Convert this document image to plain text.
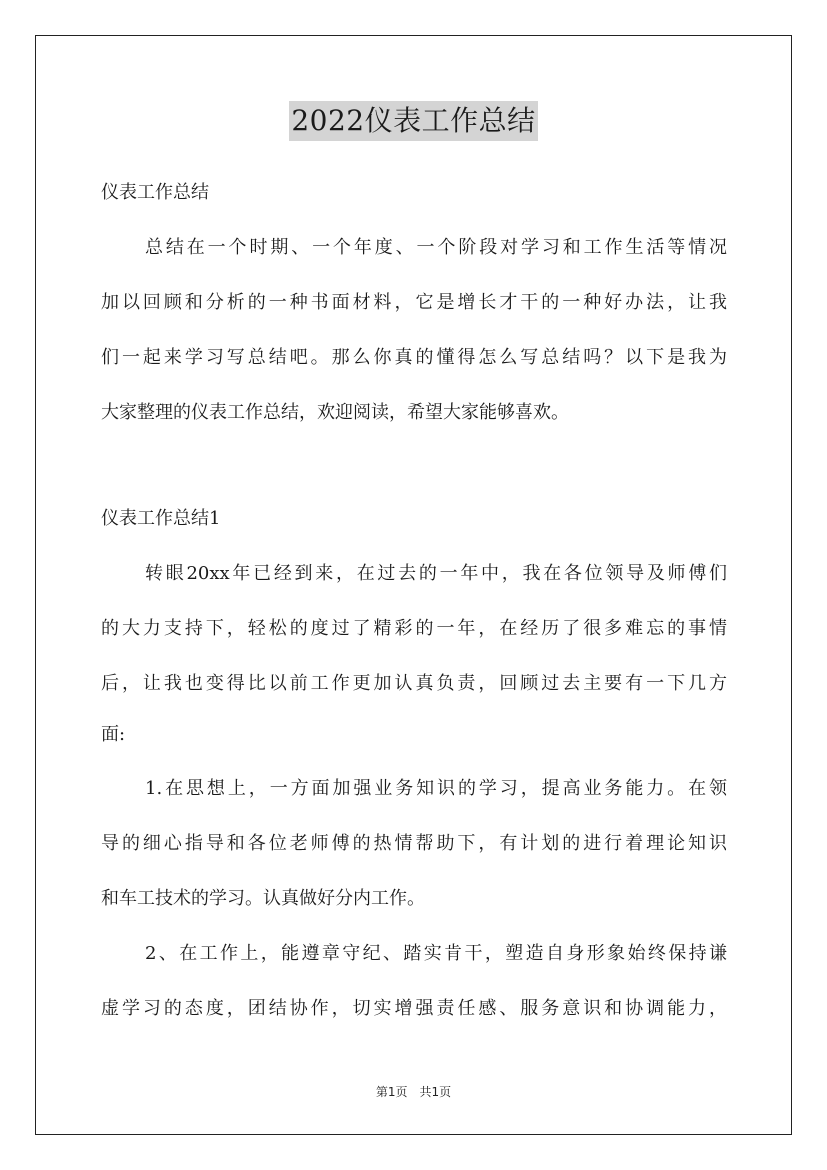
2022仪表工作总结
仪表工作总结
总结在一个时期、一个年度、一个阶段对学习和工作生活等情况
加以回顾和分析的一种书面材料，它是增长才干的一种好办法，让我
们一起来学习写总结吧。那么你真的懂得怎么写总结吗？以下是我为
大家整理的仪表工作总结，欢迎阅读，希望大家能够喜欢。
仪表工作总结1
转眼20xx年已经到来，在过去的一年中，我在各位领导及师傅们
的大力支持下，轻松的度过了精彩的一年，在经历了很多难忘的事情
后，让我也变得比以前工作更加认真负责，回顾过去主要有一下几方
面:
1.在思想上，一方面加强业务知识的学习，提高业务能力。在领
导的细心指导和各位老师傅的热情帮助下，有计划的进行着理论知识
和车工技术的学习。认真做好分内工作。
2、在工作上，能遵章守纪、踏实肯干，塑造自身形象始终保持谦
虚学习的态度，团结协作，切实增强责任感、服务意识和协调能力，
第1页　共1页
